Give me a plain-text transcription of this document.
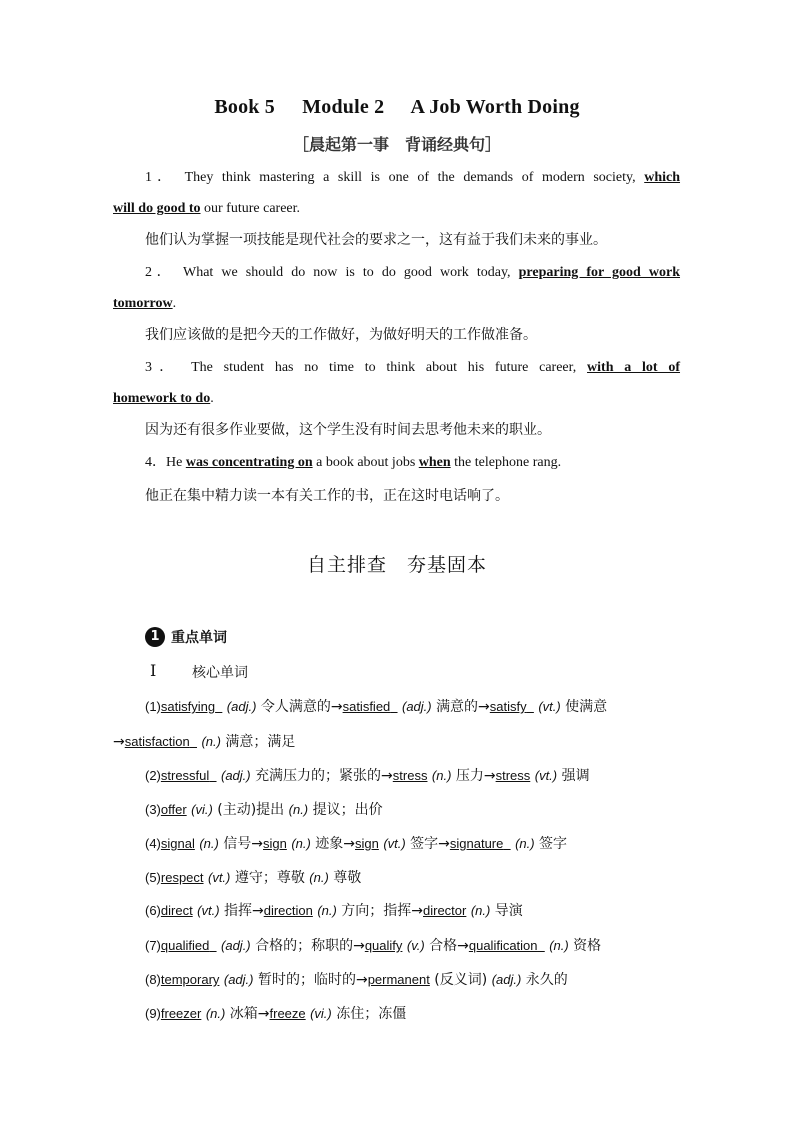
Book 5 Module 2 A Job Worth Doing
［晨起第一事　背诵经典句］
1． They think mastering a skill is one of the demands of modern society, which
will do good to our future career.
他们认为掌握一项技能是现代社会的要求之一，这有益于我们未来的事业。
2． What we should do now is to do good work today, preparing for good work
tomorrow.
我们应该做的是把今天的工作做好，为做好明天的工作做准备。
3． The student has no time to think about his future career, with a lot of
homework to do.
因为还有很多作业要做，这个学生没有时间去思考他未来的职业。
4．He was concentrating on a book about jobs when the telephone rang.
他正在集中精力读一本有关工作的书，正在这时电话响了。
自主排查　夯基固本
1 重点单词
Ⅰ	核心单词
(1)satisfying (adj.) 令人满意的→satisfied (adj.) 满意的→satisfy (vt.) 使满意
→satisfaction (n.) 满意；满足
(2)stressful (adj.) 充满压力的；紧张的→stress (n.) 压力→stress (vt.) 强调
(3)offer (vi.) (主动)提出 (n.) 提议；出价
(4)signal (n.) 信号→sign (n.) 迹象→sign (vt.) 签字→signature (n.) 签字
(5)respect (vt.) 遵守；尊敬 (n.) 尊敬
(6)direct (vt.) 指挥→direction (n.) 方向；指挥→director (n.) 导演
(7)qualified (adj.) 合格的；称职的→qualify (v.) 合格→qualification (n.) 资格
(8)temporary (adj.) 暂时的；临时的→permanent (反义词) (adj.) 永久的
(9)freezer (n.) 冰箱→freeze (vi.) 冻住；冻僵
